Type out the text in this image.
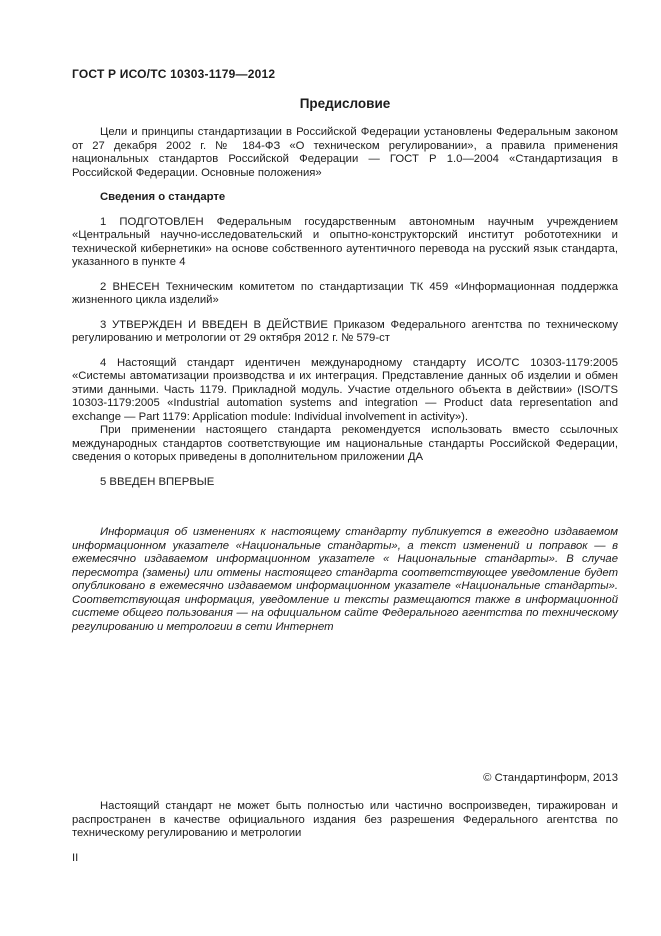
ГОСТ Р ИСО/ТС 10303-1179—2012
Предисловие

Цели и принципы стандартизации в Российской Федерации установлены Федеральным законом от 27 декабря 2002 г. № 184-ФЗ «О техническом регулировании», а правила применения национальных стандартов Российской Федерации — ГОСТ Р 1.0—2004 «Стандартизация в Российской Федерации. Основные положения»

Сведения о стандарте

1 ПОДГОТОВЛЕН Федеральным государственным автономным научным учреждением «Центральный научно-исследовательский и опытно-конструкторский институт робототехники и технической кибернетики» на основе собственного аутентичного перевода на русский язык стандарта, указанного в пункте 4

2 ВНЕСЕН Техническим комитетом по стандартизации ТК 459 «Информационная поддержка жизненного цикла изделий»

3 УТВЕРЖДЕН И ВВЕДЕН В ДЕЙСТВИЕ Приказом Федерального агентства по техническому регулированию и метрологии от 29 октября 2012 г. № 579-ст

4 Настоящий стандарт идентичен международному стандарту ИСО/ТС 10303-1179:2005 «Системы автоматизации производства и их интеграция. Представление данных об изделии и обмен этими данными. Часть 1179. Прикладной модуль. Участие отдельного объекта в действии» (ISO/TS 10303-1179:2005 «Industrial automation systems and integration — Product data representation and exchange — Part 1179: Application module: Individual involvement in activity»).

При применении настоящего стандарта рекомендуется использовать вместо ссылочных международных стандартов соответствующие им национальные стандарты Российской Федерации, сведения о которых приведены в дополнительном приложении ДА

5 ВВЕДЕН ВПЕРВЫЕ

Информация об изменениях к настоящему стандарту публикуется в ежегодно издаваемом информационном указателе «Национальные стандарты», а текст изменений и поправок — в ежемесячно издаваемом информационном указателе « Национальные стандарты». В случае пересмотра (замены) или отмены настоящего стандарта соответствующее уведомление будет опубликовано в ежемесячно издаваемом информационном указателе «Национальные стандарты». Соответствующая информация, уведомление и тексты размещаются также в информационной системе общего пользования — на официальном сайте Федерального агентства по техническому регулированию и метрологии в сети Интернет

© Стандартинформ, 2013

Настоящий стандарт не может быть полностью или частично воспроизведен, тиражирован и распространен в качестве официального издания без разрешения Федерального агентства по техническому регулированию и метрологии

II
